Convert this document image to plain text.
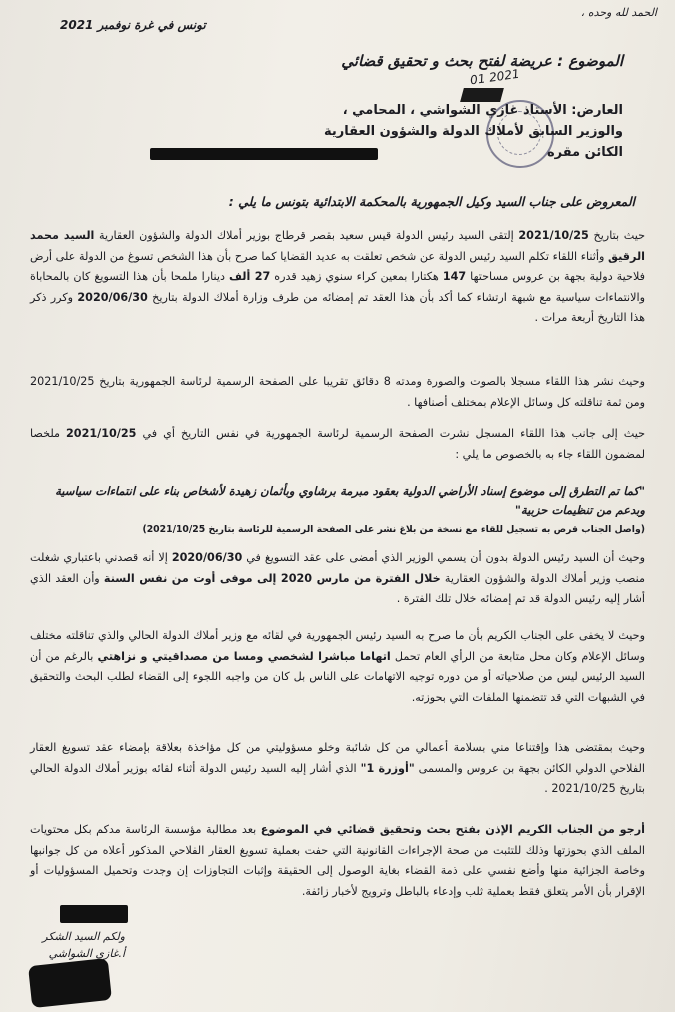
الحمد لله وحده ،
تونس في غرة نوفمبر 2021
الموضوع : عريضة لفتح بحث و تحقيق قضائي
01 2021
العارض: الأستاذ غازي الشواشي ، المحامي ،
والوزير السابق لأملاك الدولة والشؤون العقارية
الكائن مقره
المعروض على جناب السيد وكيل الجمهورية بالمحكمة الابتدائية بتونس ما يلي :
حيث بتاريخ 2021/10/25 إلتقى السيد رئيس الدولة قيس سعيد بقصر قرطاج بوزير أملاك الدولة والشؤون العقارية السيد محمد الرقيق وأثناء اللقاء تكلم السيد رئيس الدولة عن شخص تعلقت به عديد القضايا كما صرح بأن هذا الشخص تسوغ من الدولة على أرض فلاحية دولية بجهة بن عروس مساحتها 147 هكتارا بمعين كراء سنوي زهيد قدره 27 ألف دينارا ملمحا بأن هذا التسويغ كان بالمحاباة والانتماءات سياسية مع شبهة ارتشاء كما أكد بأن هذا العقد تم إمضائه من طرف وزارة أملاك الدولة بتاريخ 2020/06/30 وكرر ذكر هذا التاريخ أربعة مرات .
وحيث نشر هذا اللقاء مسجلا بالصوت والصورة ومدته 8 دقائق تقريبا على الصفحة الرسمية لرئاسة الجمهورية بتاريخ 2021/10/25 ومن ثمة تناقلته كل وسائل الإعلام بمختلف أصنافها .
حيث إلى جانب هذا اللقاء المسجل نشرت الصفحة الرسمية لرئاسة الجمهورية في نفس التاريخ أي في 2021/10/25 ملخصا لمضمون اللقاء جاء به بالخصوص ما يلي :
"كما تم التطرق إلى موضوع إسناد الأراضي الدولية بعقود مبرمة برشاوي وبأثمان زهيدة لأشخاص بناء على انتماءات سياسية وبدعم من تنظيمات حزبية"
(واصل الجناب قرص به تسجيل للقاء مع نسخة من بلاغ نشر على الصفحة الرسمية للرئاسة بتاريخ 2021/10/25)
وحيث أن السيد رئيس الدولة بدون أن يسمي الوزير الذي أمضى على عقد التسويغ في 2020/06/30 إلا أنه قصدني باعتباري شغلت منصب وزير أملاك الدولة والشؤون العقارية خلال الفترة من مارس 2020 إلى موفى أوت من نفس السنة وأن العقد الذي أشار إليه رئيس الدولة قد تم إمضائه خلال تلك الفترة .
وحيث لا يخفى على الجناب الكريم بأن ما صرح به السيد رئيس الجمهورية في لقائه مع وزير أملاك الدولة الحالي والذي تناقلته مختلف وسائل الإعلام وكان محل متابعة من الرأي العام تحمل اتهاما مباشرا لشخصي ومسا من مصداقيتي و نزاهتي بالرغم من أن السيد الرئيس ليس من صلاحياته أو من دوره توجيه الاتهامات على الناس بل كان من واجبه اللجوء إلى القضاء لطلب البحث والتحقيق في الشبهات التي قد تتضمنها الملفات التي بحوزته.
وحيث بمقتضى هذا وإقتناعا مني بسلامة أعمالي من كل شائبة وخلو مسؤوليتي من كل مؤاخذة بعلاقة بإمضاء عقد تسويغ العقار الفلاحي الدولي الكائن بجهة بن عروس والمسمى "أوزرة 1" الذي أشار إليه السيد رئيس الدولة أثناء لقائه بوزير أملاك الدولة الحالي بتاريخ 2021/10/25 .
أرجو من الجناب الكريم الإذن بفتح بحث وتحقيق قضائي في الموضوع بعد مطالبة مؤسسة الرئاسة مدكم بكل محتويات الملف الذي بحوزتها وذلك للتثبت من صحة الإجراءات القانونية التي حفت بعملية تسويغ العقار الفلاحي المذكور أعلاه من كل جوانبها وخاصة الجزائية منها وأضع نفسي على ذمة القضاء بغاية الوصول إلى الحقيقة وإثبات التجاوزات إن وجدت وتحميل المسؤوليات أو الإقرار بأن الأمر يتعلق فقط بعملية ثلب وإدعاء بالباطل وترويج لأخبار زائفة.
ولكم السيد الشكر
أ.غازي الشواشي
